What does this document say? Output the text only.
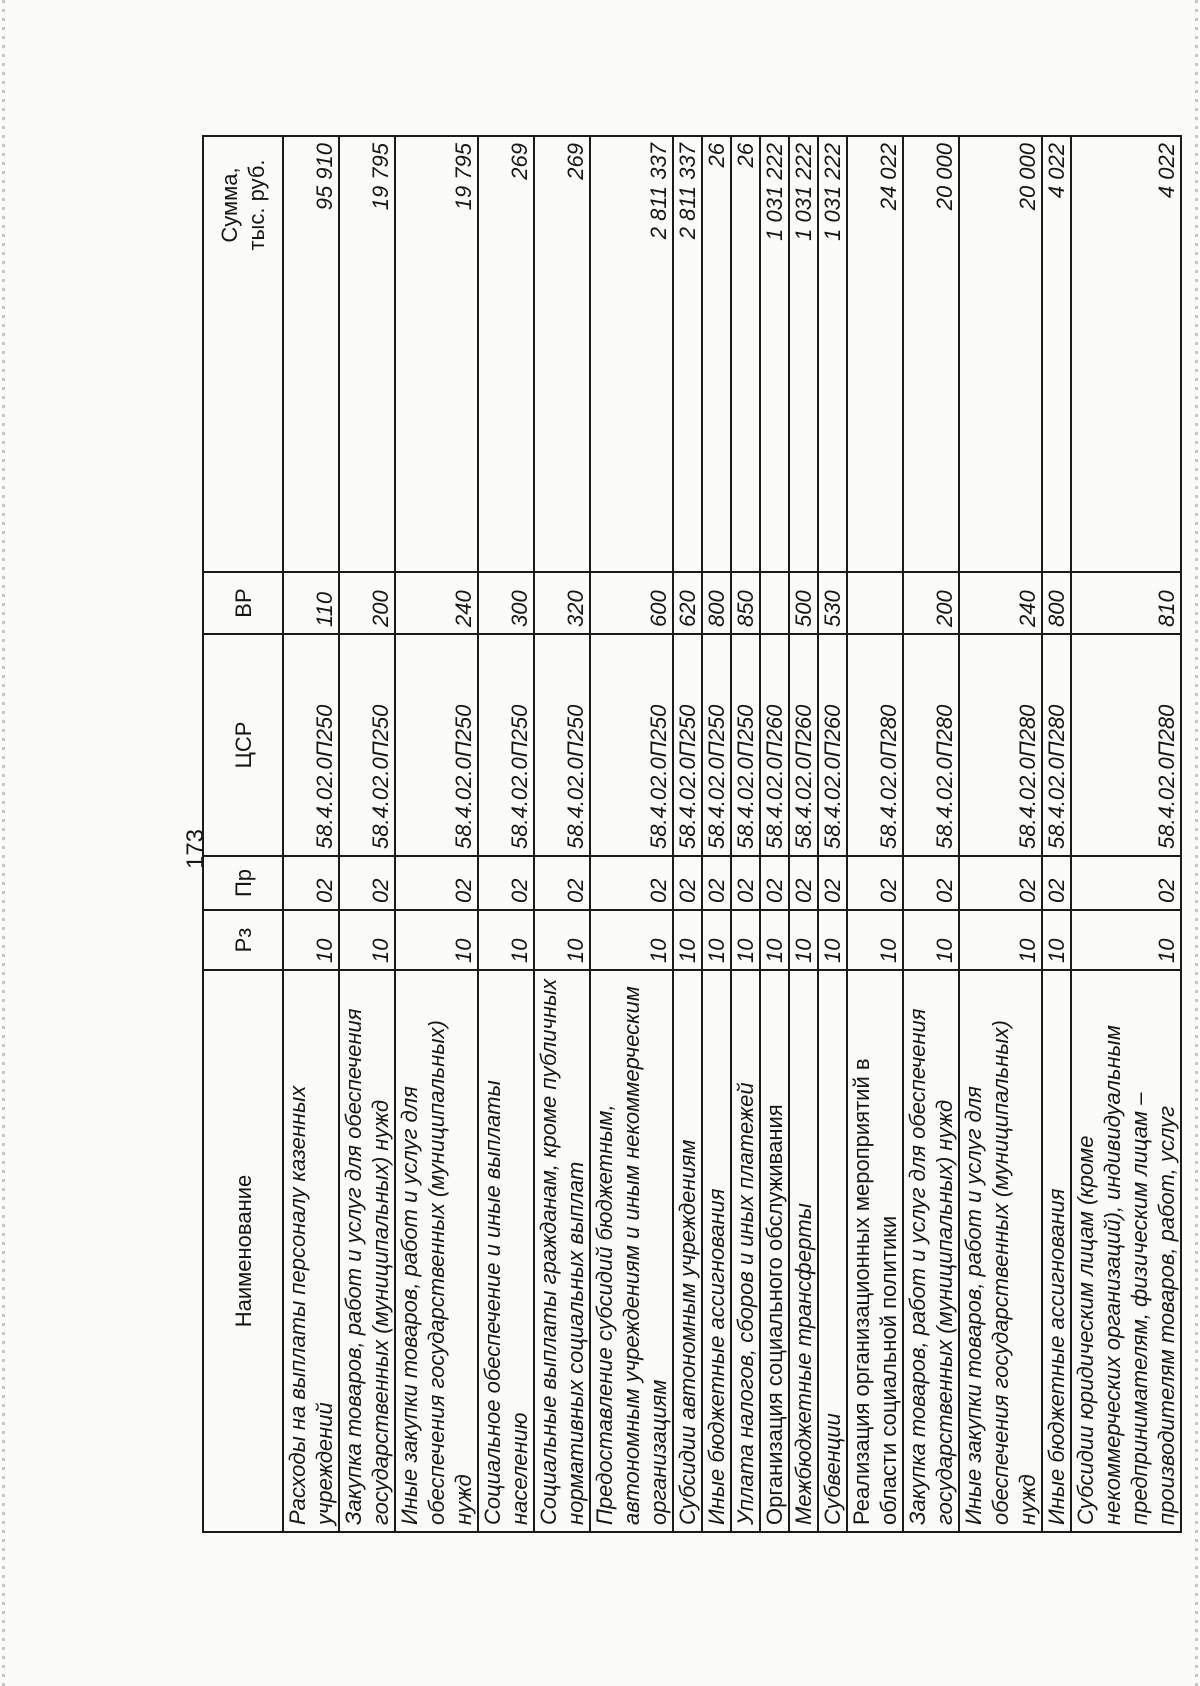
173
Наименование	Рз	Пр	ЦСР	ВР	Сумма, тыс. руб.

Расходы на выплаты персоналу казенных учреждений	10	02	58.4.02.0П250	110	95 910
Закупка товаров, работ и услуг для обеспечения государственных (муниципальных) нужд	10	02	58.4.02.0П250	200	19 795
Иные закупки товаров, работ и услуг для обеспечения государственных (муниципальных) нужд	10	02	58.4.02.0П250	240	19 795
Социальное обеспечение и иные выплаты населению	10	02	58.4.02.0П250	300	269
Социальные выплаты гражданам, кроме публичных нормативных социальных выплат	10	02	58.4.02.0П250	320	269
Предоставление субсидий бюджетным, автономным учреждениям и иным некоммерческим организациям	10	02	58.4.02.0П250	600	2 811 337
Субсидии автономным учреждениям	10	02	58.4.02.0П250	620	2 811 337
Иные бюджетные ассигнования	10	02	58.4.02.0П250	800	26
Уплата налогов, сборов и иных платежей	10	02	58.4.02.0П250	850	26
Организация социального обслуживания	10	02	58.4.02.0П260		1 031 222
Межбюджетные трансферты	10	02	58.4.02.0П260	500	1 031 222
Субвенции	10	02	58.4.02.0П260	530	1 031 222
Реализация организационных мероприятий в области социальной политики	10	02	58.4.02.0П280		24 022
Закупка товаров, работ и услуг для обеспечения государственных (муниципальных) нужд	10	02	58.4.02.0П280	200	20 000
Иные закупки товаров, работ и услуг для обеспечения государственных (муниципальных) нужд	10	02	58.4.02.0П280	240	20 000
Иные бюджетные ассигнования	10	02	58.4.02.0П280	800	4 022
Субсидии юридическим лицам (кроме некоммерческих организаций), индивидуальным предпринимателям, физическим лицам – производителям товаров, работ, услуг	10	02	58.4.02.0П280	810	4 022
